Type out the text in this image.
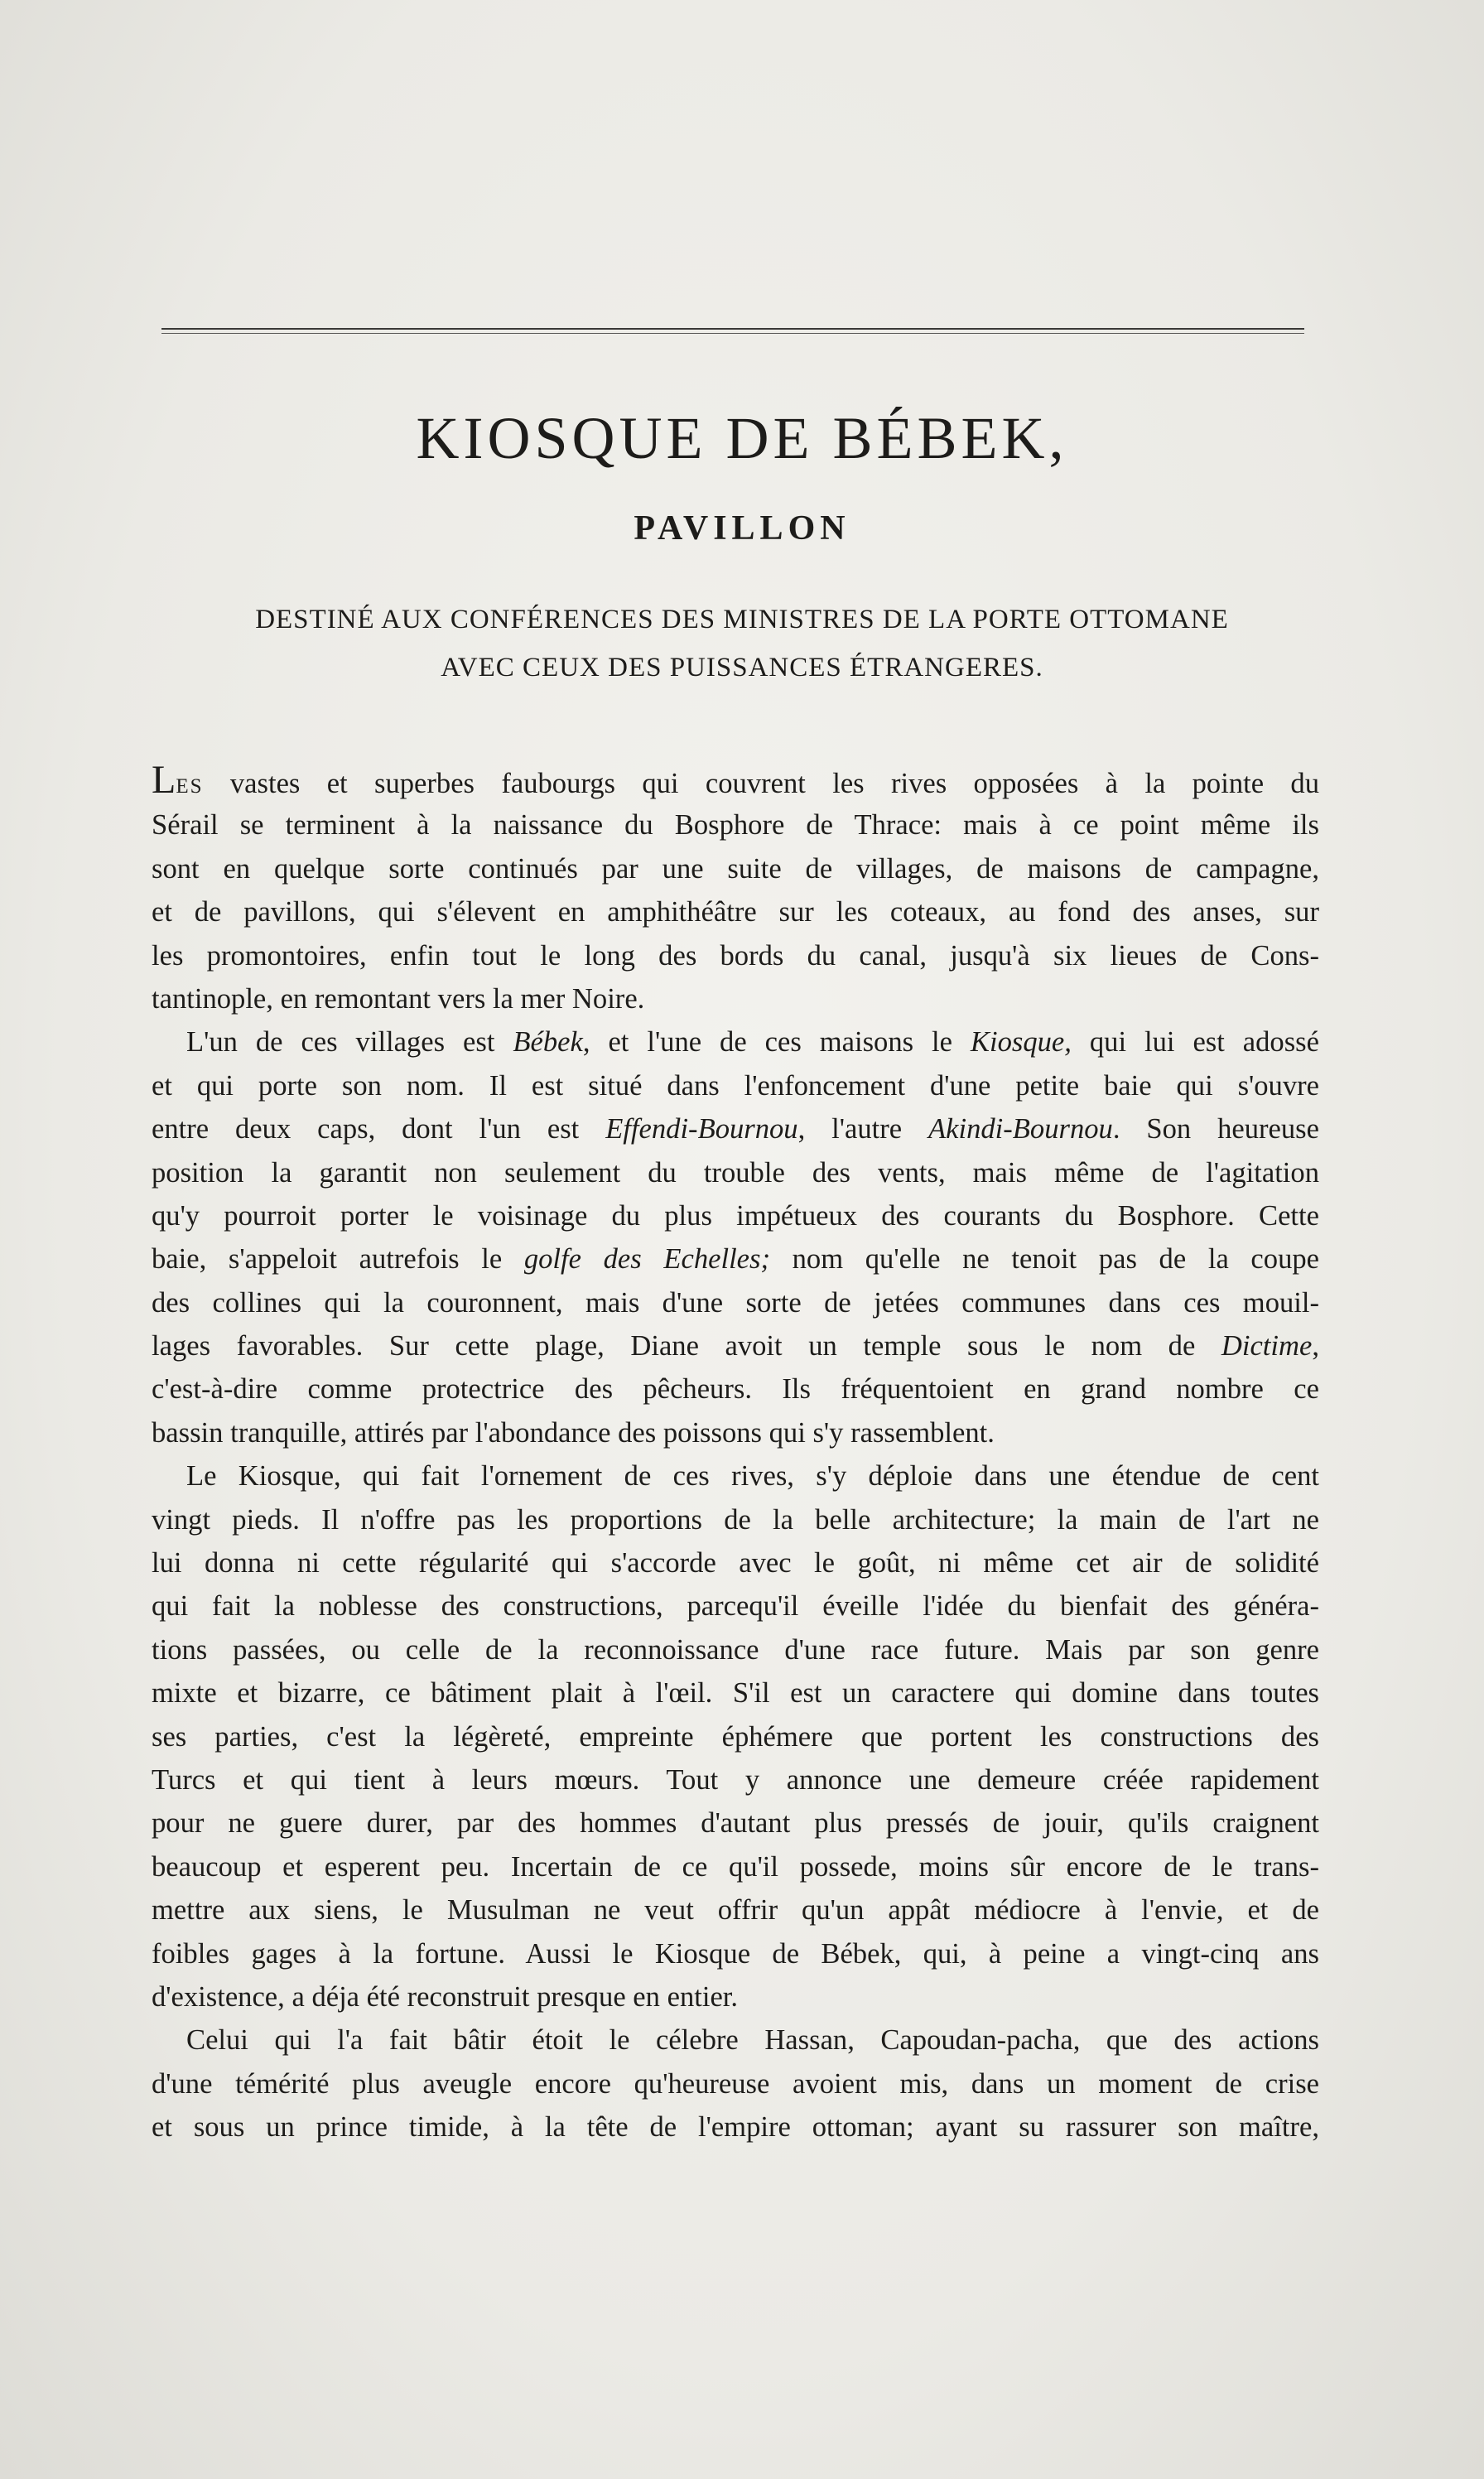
KIOSQUE DE BÉBEK,
PAVILLON
DESTINÉ AUX CONFÉRENCES DES MINISTRES DE LA PORTE OTTOMANE
AVEC CEUX DES PUISSANCES ÉTRANGERES.
LES vastes et superbes faubourgs qui couvrent les rives opposées à la pointe du
Sérail se terminent à la naissance du Bosphore de Thrace: mais à ce point même ils
sont en quelque sorte continués par une suite de villages, de maisons de campagne,
et de pavillons, qui s'élevent en amphithéâtre sur les coteaux, au fond des anses, sur
les promontoires, enfin tout le long des bords du canal, jusqu'à six lieues de Cons-
tantinople, en remontant vers la mer Noire.
L'un de ces villages est Bébek, et l'une de ces maisons le Kiosque, qui lui est adossé
et qui porte son nom. Il est situé dans l'enfoncement d'une petite baie qui s'ouvre
entre deux caps, dont l'un est Effendi-Bournou, l'autre Akindi-Bournou. Son heureuse
position la garantit non seulement du trouble des vents, mais même de l'agitation
qu'y pourroit porter le voisinage du plus impétueux des courants du Bosphore. Cette
baie, s'appeloit autrefois le golfe des Echelles; nom qu'elle ne tenoit pas de la coupe
des collines qui la couronnent, mais d'une sorte de jetées communes dans ces mouil-
lages favorables. Sur cette plage, Diane avoit un temple sous le nom de Dictime,
c'est-à-dire comme protectrice des pêcheurs. Ils fréquentoient en grand nombre ce
bassin tranquille, attirés par l'abondance des poissons qui s'y rassemblent.
Le Kiosque, qui fait l'ornement de ces rives, s'y déploie dans une étendue de cent
vingt pieds. Il n'offre pas les proportions de la belle architecture; la main de l'art ne
lui donna ni cette régularité qui s'accorde avec le goût, ni même cet air de solidité
qui fait la noblesse des constructions, parcequ'il éveille l'idée du bienfait des généra-
tions passées, ou celle de la reconnoissance d'une race future. Mais par son genre
mixte et bizarre, ce bâtiment plait à l'œil. S'il est un caractere qui domine dans toutes
ses parties, c'est la légèreté, empreinte éphémere que portent les constructions des
Turcs et qui tient à leurs mœurs. Tout y annonce une demeure créée rapidement
pour ne guere durer, par des hommes d'autant plus pressés de jouir, qu'ils craignent
beaucoup et esperent peu. Incertain de ce qu'il possede, moins sûr encore de le trans-
mettre aux siens, le Musulman ne veut offrir qu'un appât médiocre à l'envie, et de
foibles gages à la fortune. Aussi le Kiosque de Bébek, qui, à peine a vingt-cinq ans
d'existence, a déja été reconstruit presque en entier.
Celui qui l'a fait bâtir étoit le célebre Hassan, Capoudan-pacha, que des actions
d'une témérité plus aveugle encore qu'heureuse avoient mis, dans un moment de crise
et sous un prince timide, à la tête de l'empire ottoman; ayant su rassurer son maître,
